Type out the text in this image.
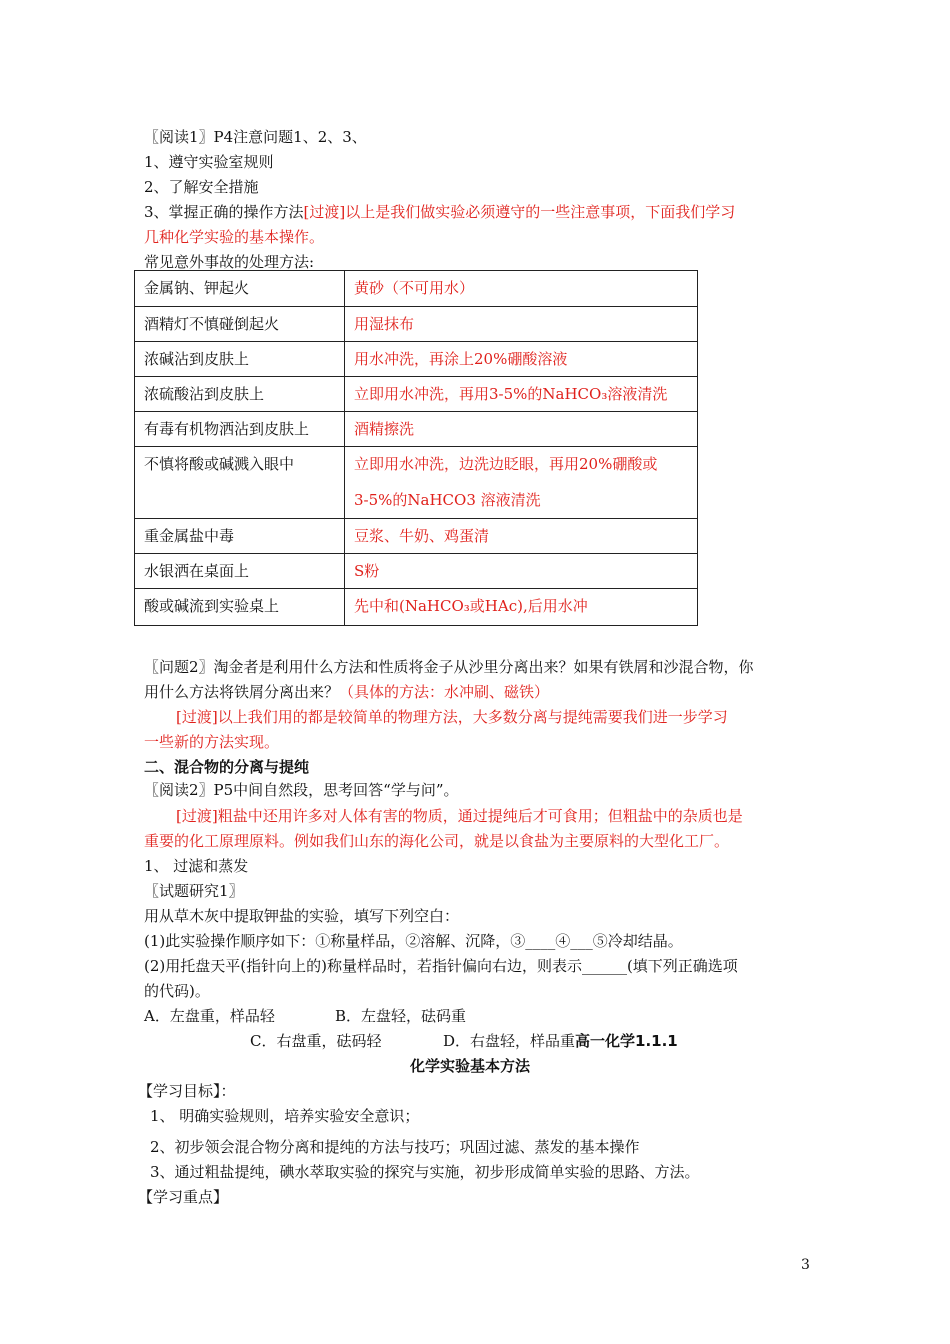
〖阅读1〗P4注意问题1、2、3、
1、遵守实验室规则
2、了解安全措施
3、掌握正确的操作方法[过渡]以上是我们做实验必须遵守的一些注意事项，下面我们学习
几种化学实验的基本操作。
常见意外事故的处理方法:
金属钠、钾起火	黄砂（不可用水）
酒精灯不慎碰倒起火	用湿抹布
浓碱沾到皮肤上	用水冲洗，再涂上20%硼酸溶液
浓硫酸沾到皮肤上	立即用水冲洗，再用3-5%的NaHCO₃溶液清洗
有毒有机物洒沾到皮肤上	酒精擦洗
不慎将酸或碱溅入眼中	立即用水冲洗，边洗边眨眼，再用20%硼酸或
3-5%的NaHCO3 溶液清洗

重金属盐中毒	豆浆、牛奶、鸡蛋清
水银洒在桌面上	S粉
酸或碱流到实验桌上	先中和(NaHCO₃或HAc),后用水冲
〖问题2〗淘金者是利用什么方法和性质将金子从沙里分离出来？如果有铁屑和沙混合物，你
用什么方法将铁屑分离出来？（具体的方法：水冲刷、磁铁）
[过渡]以上我们用的都是较简单的物理方法，大多数分离与提纯需要我们进一步学习
一些新的方法实现。
二、混合物的分离与提纯
〖阅读2〗P5中间自然段，思考回答“学与问”。
[过渡]粗盐中还用许多对人体有害的物质，通过提纯后才可食用；但粗盐中的杂质也是
重要的化工原理原料。例如我们山东的海化公司，就是以食盐为主要原料的大型化工厂。
1、 过滤和蒸发
〖试题研究1〗
用从草木灰中提取钾盐的实验，填写下列空白：
(1)此实验操作顺序如下：①称量样品，②溶解、沉降，③____④___⑤冷却结晶。
(2)用托盘天平(指针向上的)称量样品时，若指针偏向右边，则表示______(填下列正确选项
的代码)。
A．左盘重，样品轻	B．左盘轻，砝码重
C．右盘重，砝码轻	D．右盘轻，样品重高一化学1.1.1
化学实验基本方法
【学习目标】：
1、 明确实验规则，培养实验安全意识；
2、初步领会混合物分离和提纯的方法与技巧；巩固过滤、蒸发的基本操作
3、通过粗盐提纯，碘水萃取实验的探究与实施，初步形成简单实验的思路、方法。
【学习重点】
3
